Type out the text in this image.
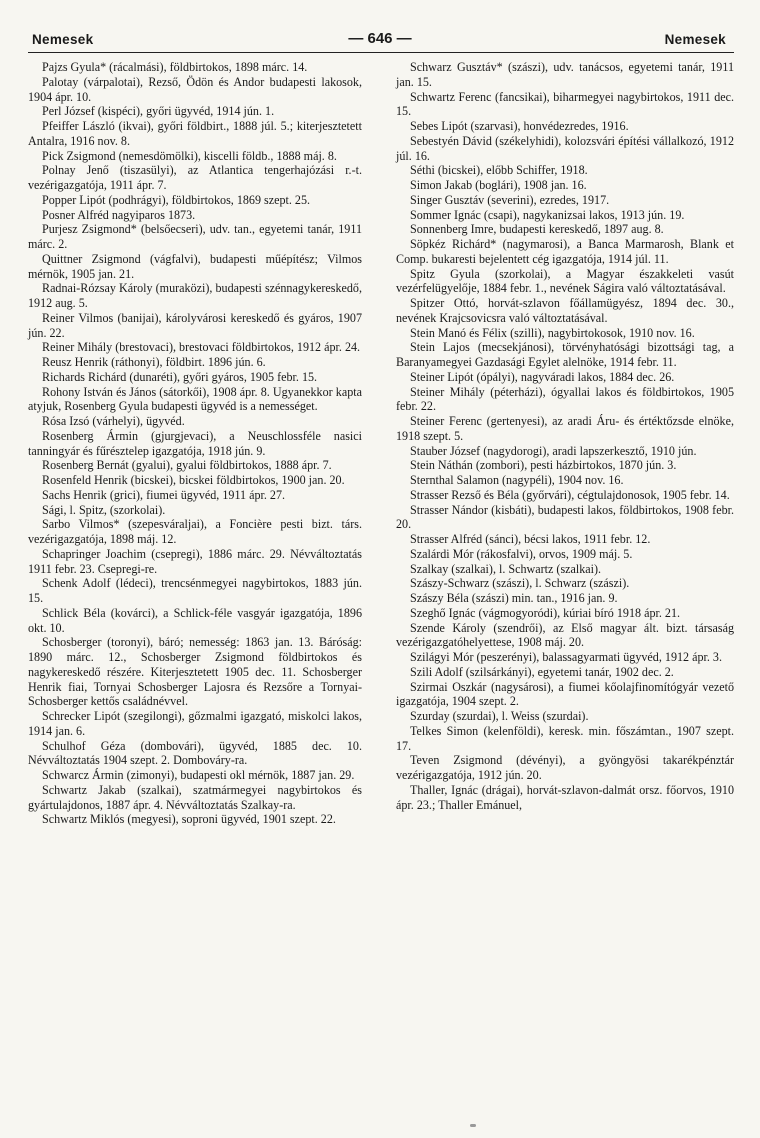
Nemesek	— 646 —	Nemesek

Pajzs Gyula* (rácalmási), földbirtokos, 1898 márc. 14.

Palotay (várpalotai), Rezső, Ödön és Andor budapesti lakosok, 1904 ápr. 10.

Perl József (kispéci), győri ügyvéd, 1914 jún. 1.

Pfeiffer László (ikvai), győri földbirt., 1888 júl. 5.; kiterjesztetett Antalra, 1916 nov. 8.

Pick Zsigmond (nemesdömölki), kiscelli földb., 1888 máj. 8.

Polnay Jenő (tiszasülyi), az Atlantica tengerhajózási r.-t. vezérigazgatója, 1911 ápr. 7.

Popper Lipót (podhrágyi), földbirtokos, 1869 szept. 25.

Posner Alfréd nagyiparos 1873.

Purjesz Zsigmond* (belsőecseri), udv. tan., egyetemi tanár, 1911 márc. 2.

Quittner Zsigmond (vágfalvi), budapesti műépítész; Vilmos mérnök, 1905 jan. 21.

Radnai-Rózsay Károly (muraközi), budapesti szénnagykereskedő, 1912 aug. 5.

Reiner Vilmos (banijai), károlyvárosi kereskedő és gyáros, 1907 jún. 22.

Reiner Mihály (brestovaci), brestovaci földbirtokos, 1912 ápr. 24.

Reusz Henrik (ráthonyi), földbirt. 1896 jún. 6.

Richards Richárd (dunaréti), győri gyáros, 1905 febr. 15.

Rohony István és János (sátorkői), 1908 ápr. 8. Ugyanekkor kapta atyjuk, Rosenberg Gyula budapesti ügyvéd is a nemességet.

Rósa Izsó (várhelyi), ügyvéd.

Rosenberg Ármin (gjurgjevaci), a Neuschlossféle nasici tanningyár és fűrésztelep igazgatója, 1918 jún. 9.

Rosenberg Bernát (gyalui), gyalui földbirtokos, 1888 ápr. 7.

Rosenfeld Henrik (bicskei), bicskei földbirtokos, 1900 jan. 20.

Sachs Henrik (grici), fiumei ügyvéd, 1911 ápr. 27.

Sági, l. Spitz, (szorkolai).

Sarbo Vilmos* (szepesváraljai), a Foncière pesti bizt. társ. vezérigazgatója, 1898 máj. 12.

Schapringer Joachim (csepregi), 1886 márc. 29. Névváltoztatás 1911 febr. 23. Csepregi-re.

Schenk Adolf (lédeci), trencsénmegyei nagybirtokos, 1883 jún. 15.

Schlick Béla (kovárci), a Schlick-féle vasgyár igazgatója, 1896 okt. 10.

Schosberger (toronyi), báró; nemesség: 1863 jan. 13. Báróság: 1890 márc. 12., Schosberger Zsigmond földbirtokos és nagykereskedő részére. Kiterjesztetett 1905 dec. 11. Schosberger Henrik fiai, Tornyai Schosberger Lajosra és Rezsőre a Tornyai-Schosberger kettős családnévvel.

Schrecker Lipót (szegilongi), gőzmalmi igazgató, miskolci lakos, 1914 jan. 6.

Schulhof Géza (dombovári), ügyvéd, 1885 dec. 10. Névváltoztatás 1904 szept. 2. Dombováry-ra.

Schwarcz Ármin (zimonyi), budapesti okl mérnök, 1887 jan. 29.

Schwartz Jakab (szalkai), szatmármegyei nagybirtokos és gyártulajdonos, 1887 ápr. 4. Névváltoztatás Szalkay-ra.

Schwartz Miklós (megyesi), soproni ügyvéd, 1901 szept. 22.

Schwarz Gusztáv* (szászi), udv. tanácsos, egyetemi tanár, 1911 jan. 15.

Schwartz Ferenc (fancsikai), biharmegyei nagybirtokos, 1911 dec. 15.

Sebes Lipót (szarvasi), honvédezredes, 1916.

Sebestyén Dávid (székelyhidi), kolozsvári építési vállalkozó, 1912 júl. 16.

Séthi (bicskei), előbb Schiffer, 1918.

Simon Jakab (boglári), 1908 jan. 16.

Singer Gusztáv (severini), ezredes, 1917.

Sommer Ignác (csapi), nagykanizsai lakos, 1913 jún. 19.

Sonnenberg Imre, budapesti kereskedő, 1897 aug. 8.

Söpkéz Richárd* (nagymarosi), a Banca Marmarosh, Blank et Comp. bukaresti bejelentett cég igazgatója, 1914 júl. 11.

Spitz Gyula (szorkolai), a Magyar északkeleti vasút vezérfelügyelője, 1884 febr. 1., nevének Ságira való változtatásával.

Spitzer Ottó, horvát-szlavon főállamügyész, 1894 dec. 30., nevének Krajcsovicsra való változtatásával.

Stein Manó és Félix (szilli), nagybirtokosok, 1910 nov. 16.

Stein Lajos (mecsekjánosi), törvényhatósági bizottsági tag, a Baranyamegyei Gazdasági Egylet alelnöke, 1914 febr. 11.

Steiner Lipót (ópályi), nagyváradi lakos, 1884 dec. 26.

Steiner Mihály (péterházi), ógyallai lakos és földbirtokos, 1905 febr. 22.

Steiner Ferenc (gertenyesi), az aradi Áru- és értéktőzsde elnöke, 1918 szept. 5.

Stauber József (nagydorogi), aradi lapszerkesztő, 1910 jún.

Stein Náthán (zombori), pesti házbirtokos, 1870 jún. 3.

Sternthal Salamon (nagypéli), 1904 nov. 16.

Strasser Rezső és Béla (győrvári), cégtulajdonosok, 1905 febr. 14.

Strasser Nándor (kisbáti), budapesti lakos, földbirtokos, 1908 febr. 20.

Strasser Alfréd (sánci), bécsi lakos, 1911 febr. 12.

Szalárdi Mór (rákosfalvi), orvos, 1909 máj. 5.

Szalkay (szalkai), l. Schwartz (szalkai).

Szászy-Schwarz (szászi), l. Schwarz (szászi).

Szászy Béla (szászi) min. tan., 1916 jan. 9.

Szeghő Ignác (vágmogyoródi), kúriai bíró 1918 ápr. 21.

Szende Károly (szendrői), az Első magyar ált. bizt. társaság vezérigazgatóhelyettese, 1908 máj. 20.

Szilágyi Mór (peszerényi), balassagyarmati ügyvéd, 1912 ápr. 3.

Szili Adolf (szilsárkányi), egyetemi tanár, 1902 dec. 2.

Szirmai Oszkár (nagysárosi), a fiumei kőolajfinomítógyár vezető igazgatója, 1904 szept. 2.

Szurday (szurdai), l. Weiss (szurdai).

Telkes Simon (kelenföldi), keresk. min. főszámtan., 1907 szept. 17.

Teven Zsigmond (dévényi), a gyöngyösi takarékpénztár vezérigazgatója, 1912 jún. 20.

Thaller, Ignác (drágai), horvát-szlavon-dalmát orsz. főorvos, 1910 ápr. 23.; Thaller Emánuel,
